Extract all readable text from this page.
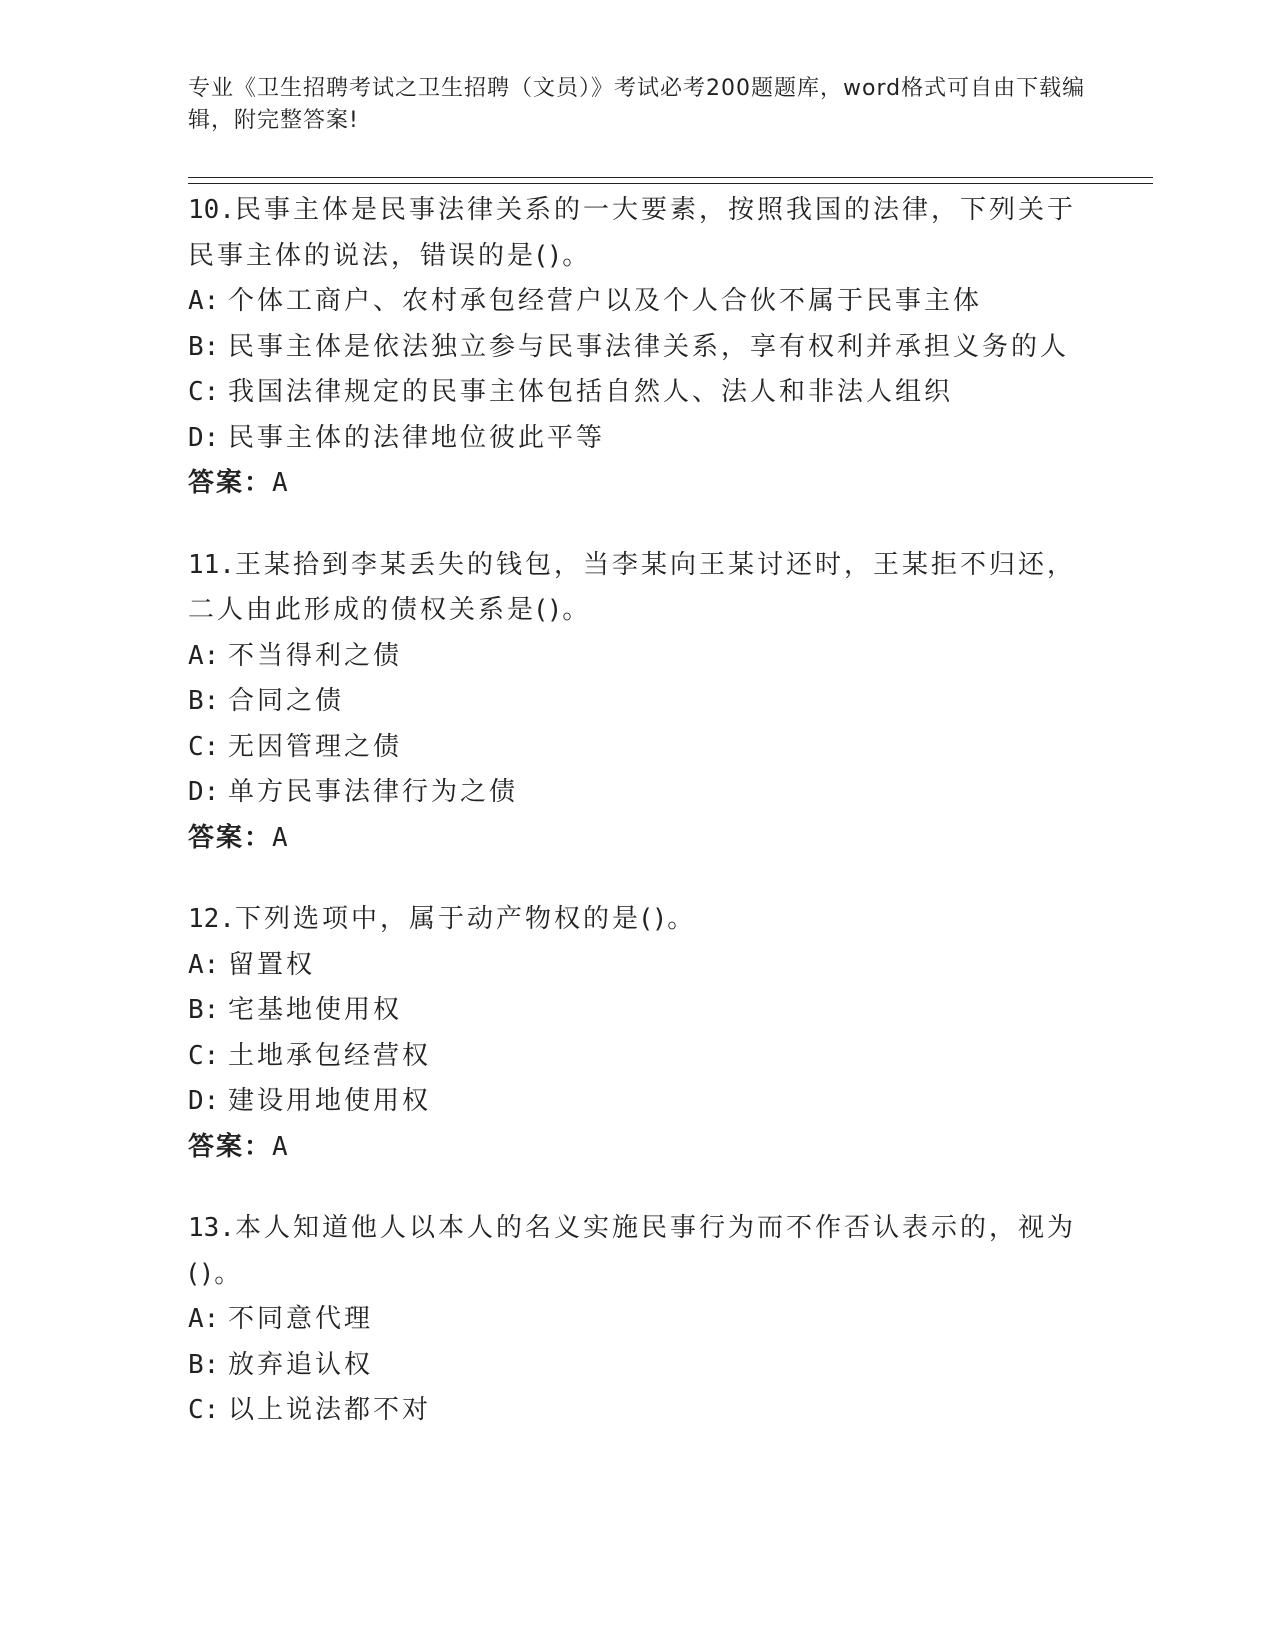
专业《卫生招聘考试之卫生招聘（文员）》考试必考200题题库，word格式可自由下载编辑，附完整答案!
10.民事主体是民事法律关系的一大要素，按照我国的法律，下列关于民事主体的说法，错误的是()。
A: 个体工商户、农村承包经营户以及个人合伙不属于民事主体
B: 民事主体是依法独立参与民事法律关系，享有权利并承担义务的人
C: 我国法律规定的民事主体包括自然人、法人和非法人组织
D: 民事主体的法律地位彼此平等
答案：A
11.王某拾到李某丢失的钱包，当李某向王某讨还时，王某拒不归还，二人由此形成的债权关系是()。
A: 不当得利之债
B: 合同之债
C: 无因管理之债
D: 单方民事法律行为之债
答案：A
12.下列选项中，属于动产物权的是()。
A: 留置权
B: 宅基地使用权
C: 土地承包经营权
D: 建设用地使用权
答案：A
13.本人知道他人以本人的名义实施民事行为而不作否认表示的，视为()。
A: 不同意代理
B: 放弃追认权
C: 以上说法都不对
